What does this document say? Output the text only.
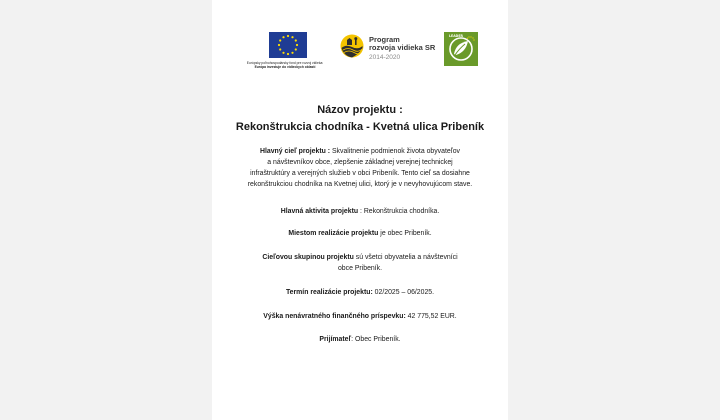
Európsky poľnohospodársky fond pre rozvoj vidieka:
Európa investuje do vidieckych oblastí
Program
rozvoja vidieka SR
2014-2020
LEADER
Názov projektu :
Rekonštrukcia chodníka - Kvetná ulica Pribeník
Hlavný cieľ projektu : Skvalitnenie podmienok života obyvateľov
a návštevníkov obce, zlepšenie základnej verejnej technickej
infraštruktúry a verejných služieb v obci Pribeník. Tento cieľ sa dosiahne
rekonštrukciou chodníka na Kvetnej ulici, ktorý je v nevyhovujúcom stave.
Hlavná aktivita projektu : Rekonštrukcia chodníka.
Miestom realizácie projektu je obec Pribeník.
Cieľovou skupinou projektu sú všetci obyvatelia a návštevníci
obce Pribeník.
Termín realizácie projektu: 02/2025 – 06/2025.
Výška nenávratného finančného príspevku: 42 775,52 EUR.
Prijímateľ: Obec Pribeník.
